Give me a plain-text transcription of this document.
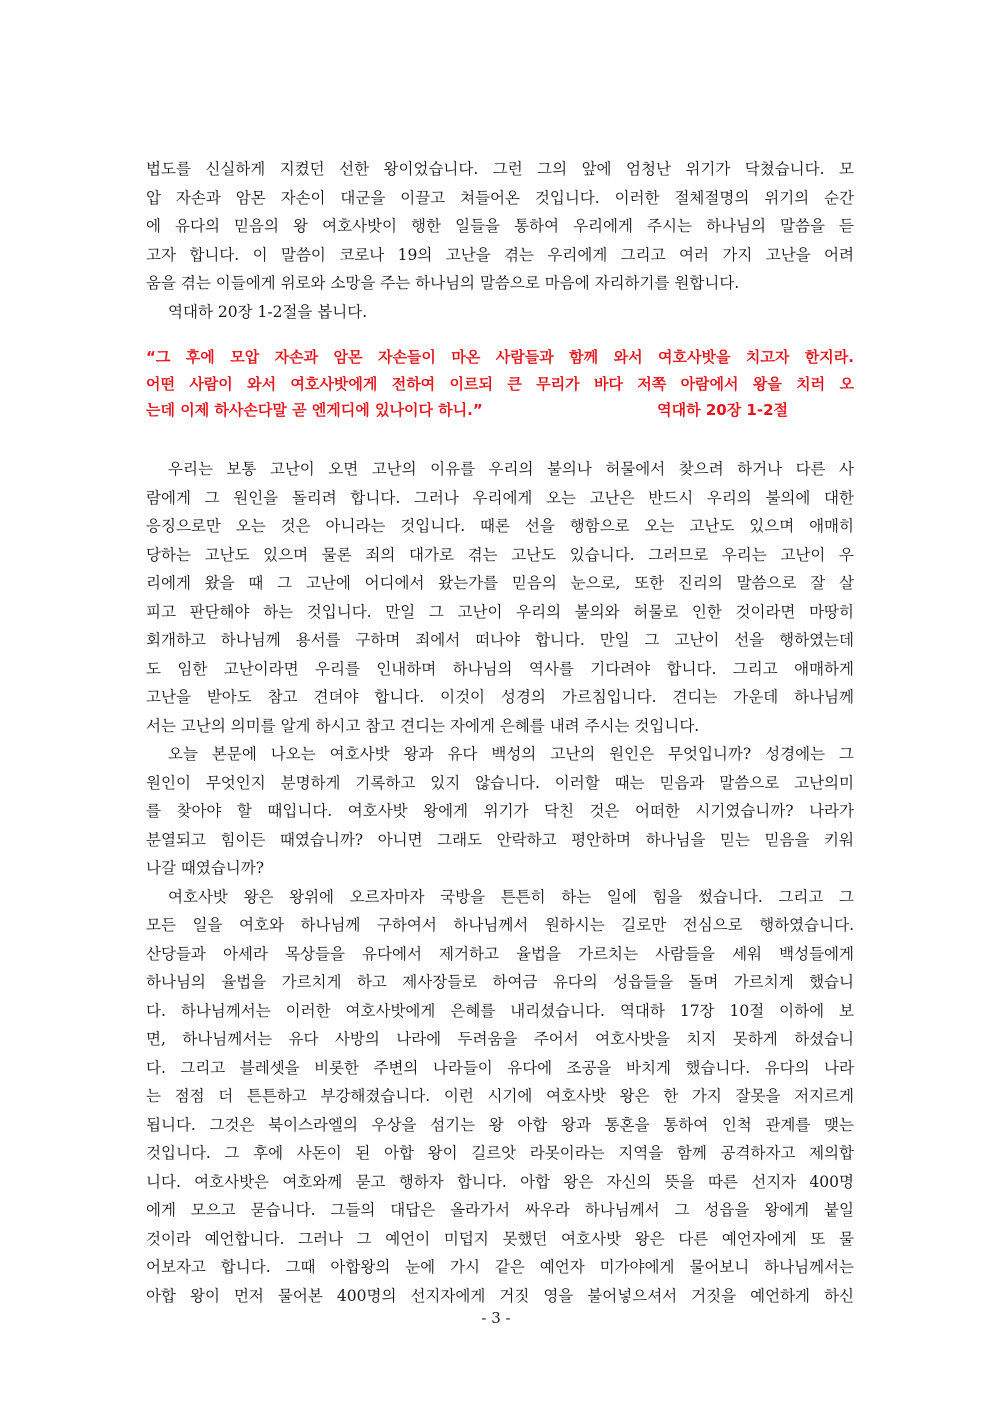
법도를 신실하게 지켰던 선한 왕이었습니다. 그런 그의 앞에 엄청난 위기가 닥쳤습니다. 모
압 자손과 암몬 자손이 대군을 이끌고 쳐들어온 것입니다. 이러한 절체절명의 위기의 순간
에 유다의 믿음의 왕 여호사밧이 행한 일들을 통하여 우리에게 주시는 하나님의 말씀을 듣
고자 합니다. 이 말씀이 코로나 19의 고난을 겪는 우리에게 그리고 여러 가지 고난을 어려
움을 겪는 이들에게 위로와 소망을 주는 하나님의 말씀으로 마음에 자리하기를 원합니다.
역대하 20장 1-2절을 봅니다.
“그 후에 모압 자손과 암몬 자손들이 마온 사람들과 함께 와서 여호사밧을 치고자 한지라.
어떤 사람이 와서 여호사밧에게 전하여 이르되 큰 무리가 바다 저쪽 아람에서 왕을 치러 오
는데 이제 하사손다말 곧 엔게디에 있나이다 하니.”	역대하 20장 1-2절
우리는 보통 고난이 오면 고난의 이유를 우리의 불의나 허물에서 찾으려 하거나 다른 사
람에게 그 원인을 돌리려 합니다. 그러나 우리에게 오는 고난은 반드시 우리의 불의에 대한
응징으로만 오는 것은 아니라는 것입니다. 때론 선을 행함으로 오는 고난도 있으며 애매히
당하는 고난도 있으며 물론 죄의 대가로 겪는 고난도 있습니다. 그러므로 우리는 고난이 우
리에게 왔을 때 그 고난에 어디에서 왔는가를 믿음의 눈으로, 또한 진리의 말씀으로 잘 살
피고 판단해야 하는 것입니다. 만일 그 고난이 우리의 불의와 허물로 인한 것이라면 마땅히
회개하고 하나님께 용서를 구하며 죄에서 떠나야 합니다. 만일 그 고난이 선을 행하였는데
도 임한 고난이라면 우리를 인내하며 하나님의 역사를 기다려야 합니다. 그리고 애매하게
고난을 받아도 참고 견뎌야 합니다. 이것이 성경의 가르침입니다. 견디는 가운데 하나님께
서는 고난의 의미를 알게 하시고 참고 견디는 자에게 은혜를 내려 주시는 것입니다.
오늘 본문에 나오는 여호사밧 왕과 유다 백성의 고난의 원인은 무엇입니까? 성경에는 그
원인이 무엇인지 분명하게 기록하고 있지 않습니다. 이러할 때는 믿음과 말씀으로 고난의미
를 찾아야 할 때입니다. 여호사밧 왕에게 위기가 닥친 것은 어떠한 시기였습니까? 나라가
분열되고 힘이든 때였습니까? 아니면 그래도 안락하고 평안하며 하나님을 믿는 믿음을 키워
나갈 때였습니까?
여호사밧 왕은 왕위에 오르자마자 국방을 튼튼히 하는 일에 힘을 썼습니다. 그리고 그
모든 일을 여호와 하나님께 구하여서 하나님께서 원하시는 길로만 전심으로 행하였습니다.
산당들과 아세라 목상들을 유다에서 제거하고 율법을 가르치는 사람들을 세워 백성들에게
하나님의 율법을 가르치게 하고 제사장들로 하여금 유다의 성읍들을 돌며 가르치게 했습니
다. 하나님께서는 이러한 여호사밧에게 은혜를 내리셨습니다. 역대하 17장 10절 이하에 보
면, 하나님께서는 유다 사방의 나라에 두려움을 주어서 여호사밧을 치지 못하게 하셨습니
다. 그리고 블레셋을 비롯한 주변의 나라들이 유다에 조공을 바치게 했습니다. 유다의 나라
는 점점 더 튼튼하고 부강해졌습니다. 이런 시기에 여호사밧 왕은 한 가지 잘못을 저지르게
됩니다. 그것은 북이스라엘의 우상을 섬기는 왕 아합 왕과 통혼을 통하여 인척 관계를 맺는
것입니다. 그 후에 사돈이 된 아합 왕이 길르앗 라못이라는 지역을 함께 공격하자고 제의합
니다. 여호사밧은 여호와께 묻고 행하자 합니다. 아합 왕은 자신의 뜻을 따른 선지자 400명
에게 모으고 묻습니다. 그들의 대답은 올라가서 싸우라 하나님께서 그 성읍을 왕에게 붙일
것이라 예언합니다. 그러나 그 예언이 미덥지 못했던 여호사밧 왕은 다른 예언자에게 또 물
어보자고 합니다. 그때 아합왕의 눈에 가시 같은 예언자 미가야에게 물어보니 하나님께서는
아합 왕이 먼저 물어본 400명의 선지자에게 거짓 영을 불어넣으셔서 거짓을 예언하게 하신
- 3 -
